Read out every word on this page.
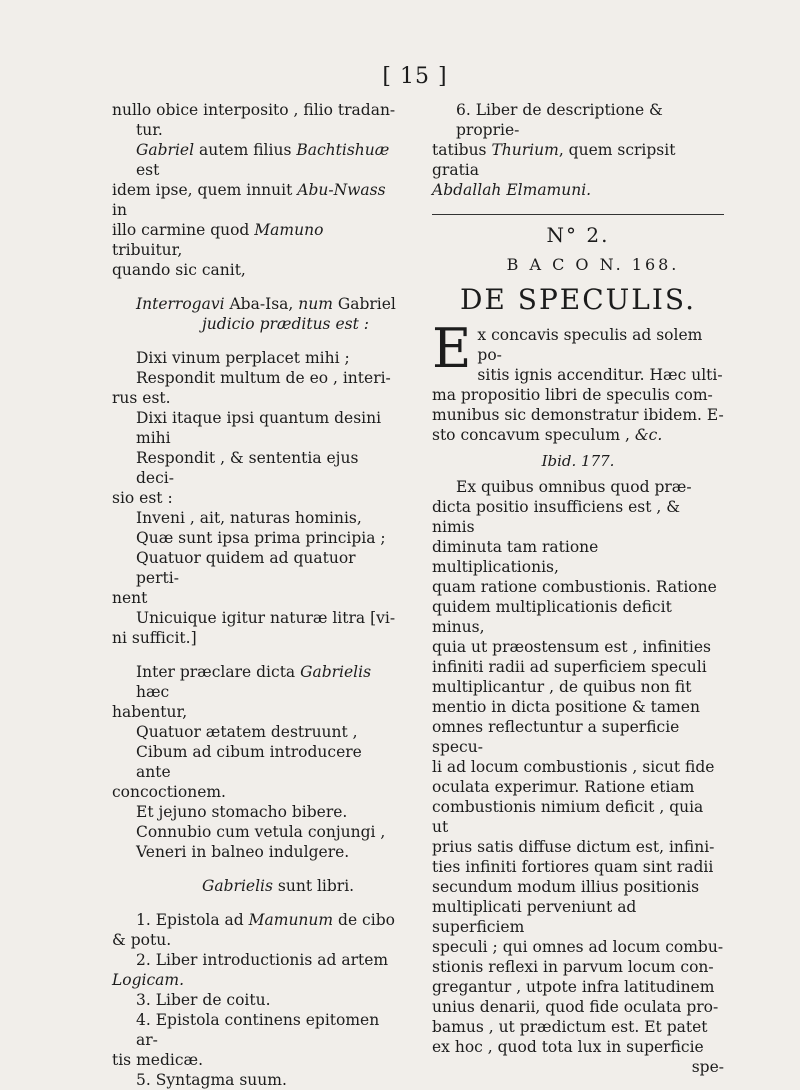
[ 15 ]

nullo obice interposito , filio tradan-

tur.

Gabriel autem filius Bachtishuæ est

idem ipse, quem innuit Abu-Nwass in

illo carmine quod Mamuno tribuitur,

quando sic canit,

Interrogavi Aba-Isa, num Gabriel

judicio præditus est :

Dixi vinum perplacet mihi ;

Respondit multum de eo , interi-

rus est.

Dixi itaque ipsi quantum desini mihi

Respondit , & sententia ejus deci-

sio est :

Inveni , ait, naturas hominis,

Quæ sunt ipsa prima principia ;

Quatuor quidem ad quatuor perti-

nent

Unicuique igitur naturæ litra [vi-

ni sufficit.]

Inter præclare dicta Gabrielis hæc

habentur,

Quatuor ætatem destruunt ,

Cibum ad cibum introducere ante

concoctionem.

Et jejuno stomacho bibere.

Connubio cum vetula conjungi ,

Veneri in balneo indulgere.

Gabrielis sunt libri.

1. Epistola ad Mamunum de cibo

& potu.

2. Liber introductionis ad artem

Logicam.

3. Liber de coitu.

4. Epistola continens epitomen ar-

tis medicæ.

5. Syntagma suum.

6. Liber de descriptione & proprie-

tatibus Thurium, quem scripsit gratia

Abdallah Elmamuni.

N° 2.
B A C O N. 168.
DE SPECULIS.
E x concavis speculis ad solem po-

sitis ignis accenditur. Hæc ulti-

ma propositio libri de speculis com-

munibus sic demonstratur ibidem. E-

sto concavum speculum , &c.

Ibid. 177.

Ex quibus omnibus quod præ-

dicta positio insufficiens est , & nimis

diminuta tam ratione multiplicationis,

quam ratione combustionis. Ratione

quidem multiplicationis deficit minus,

quia ut præostensum est , infinities

infiniti radii ad superficiem speculi

multiplicantur , de quibus non fit

mentio in dicta positione & tamen

omnes reflectuntur a superficie specu-

li ad locum combustionis , sicut fide

oculata experimur. Ratione etiam

combustionis nimium deficit , quia ut

prius satis diffuse dictum est, infini-

ties infiniti fortiores quam sint radii

secundum modum illius positionis

multiplicati perveniunt ad superficiem

speculi ; qui omnes ad locum combu-

stionis reflexi in parvum locum con-

gregantur , utpote infra latitudinem

unius denarii, quod fide oculata pro-

bamus , ut prædictum est. Et patet

ex hoc , quod tota lux in superficie

spe-
